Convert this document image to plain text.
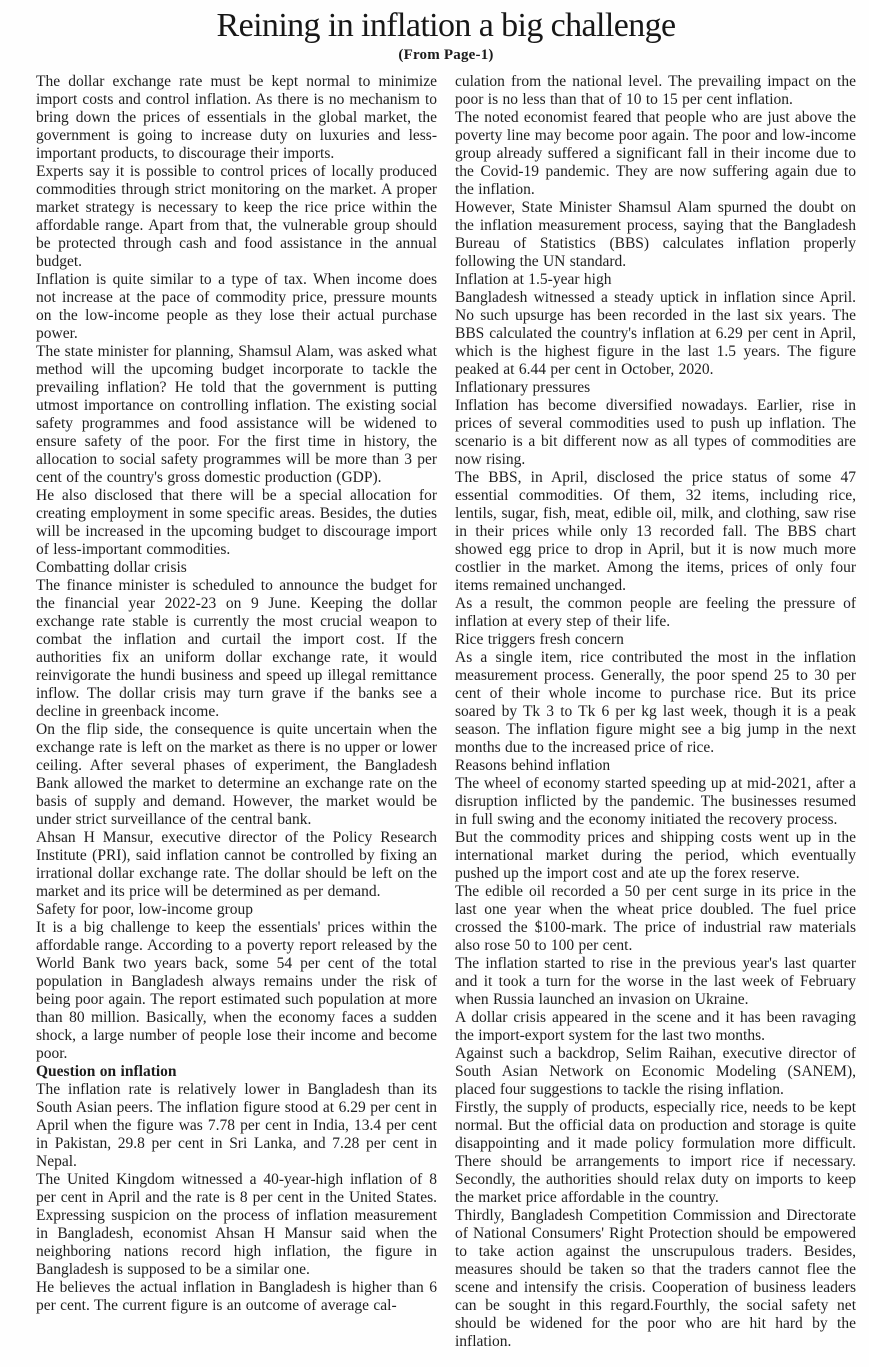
Reining in inflation a big challenge
(From Page-1)

The dollar exchange rate must be kept normal to minimize import costs and control inflation. As there is no mechanism to bring down the prices of essentials in the global market, the government is going to increase duty on luxuries and less-important products, to discourage their imports.

Experts say it is possible to control prices of locally produced commodities through strict monitoring on the market. A proper market strategy is necessary to keep the rice price within the affordable range. Apart from that, the vulnerable group should be protected through cash and food assistance in the annual budget.

Inflation is quite similar to a type of tax. When income does not increase at the pace of commodity price, pressure mounts on the low-income people as they lose their actual purchase power.

The state minister for planning, Shamsul Alam, was asked what method will the upcoming budget incorporate to tackle the prevailing inflation? He told that the government is putting utmost importance on controlling inflation. The existing social safety programmes and food assistance will be widened to ensure safety of the poor. For the first time in history, the allocation to social safety programmes will be more than 3 per cent of the country's gross domestic production (GDP).

He also disclosed that there will be a special allocation for creating employment in some specific areas. Besides, the duties will be increased in the upcoming budget to discourage import of less-important commodities.

Combatting dollar crisis

The finance minister is scheduled to announce the budget for the financial year 2022-23 on 9 June. Keeping the dollar exchange rate stable is currently the most crucial weapon to combat the inflation and curtail the import cost. If the authorities fix an uniform dollar exchange rate, it would reinvigorate the hundi business and speed up illegal remittance inflow. The dollar crisis may turn grave if the banks see a decline in greenback income.

On the flip side, the consequence is quite uncertain when the exchange rate is left on the market as there is no upper or lower ceiling. After several phases of experiment, the Bangladesh Bank allowed the market to determine an exchange rate on the basis of supply and demand. However, the market would be under strict surveillance of the central bank.

Ahsan H Mansur, executive director of the Policy Research Institute (PRI), said inflation cannot be controlled by fixing an irrational dollar exchange rate. The dollar should be left on the market and its price will be determined as per demand.

Safety for poor, low-income group

It is a big challenge to keep the essentials' prices within the affordable range. According to a poverty report released by the World Bank two years back, some 54 per cent of the total population in Bangladesh always remains under the risk of being poor again. The report estimated such population at more than 80 million. Basically, when the economy faces a sudden shock, a large number of people lose their income and become poor.

Question on inflation

The inflation rate is relatively lower in Bangladesh than its South Asian peers. The inflation figure stood at 6.29 per cent in April when the figure was 7.78 per cent in India, 13.4 per cent in Pakistan, 29.8 per cent in Sri Lanka, and 7.28 per cent in Nepal.

The United Kingdom witnessed a 40-year-high inflation of 8 per cent in April and the rate is 8 per cent in the United States. Expressing suspicion on the process of inflation measurement in Bangladesh, economist Ahsan H Mansur said when the neighboring nations record high inflation, the figure in Bangladesh is supposed to be a similar one.

He believes the actual inflation in Bangladesh is higher than 6 per cent. The current figure is an outcome of average cal-

culation from the national level. The prevailing impact on the poor is no less than that of 10 to 15 per cent inflation.

The noted economist feared that people who are just above the poverty line may become poor again. The poor and low-income group already suffered a significant fall in their income due to the Covid-19 pandemic. They are now suffering again due to the inflation.

However, State Minister Shamsul Alam spurned the doubt on the inflation measurement process, saying that the Bangladesh Bureau of Statistics (BBS) calculates inflation properly following the UN standard.

Inflation at 1.5-year high

Bangladesh witnessed a steady uptick in inflation since April. No such upsurge has been recorded in the last six years. The BBS calculated the country's inflation at 6.29 per cent in April, which is the highest figure in the last 1.5 years. The figure peaked at 6.44 per cent in October, 2020.

Inflationary pressures

Inflation has become diversified nowadays. Earlier, rise in prices of several commodities used to push up inflation. The scenario is a bit different now as all types of commodities are now rising.

The BBS, in April, disclosed the price status of some 47 essential commodities. Of them, 32 items, including rice, lentils, sugar, fish, meat, edible oil, milk, and clothing, saw rise in their prices while only 13 recorded fall. The BBS chart showed egg price to drop in April, but it is now much more costlier in the market. Among the items, prices of only four items remained unchanged.

As a result, the common people are feeling the pressure of inflation at every step of their life.

Rice triggers fresh concern

As a single item, rice contributed the most in the inflation measurement process. Generally, the poor spend 25 to 30 per cent of their whole income to purchase rice. But its price soared by Tk 3 to Tk 6 per kg last week, though it is a peak season. The inflation figure might see a big jump in the next months due to the increased price of rice.

Reasons behind inflation

The wheel of economy started speeding up at mid-2021, after a disruption inflicted by the pandemic. The businesses resumed in full swing and the economy initiated the recovery process.

But the commodity prices and shipping costs went up in the international market during the period, which eventually pushed up the import cost and ate up the forex reserve.

The edible oil recorded a 50 per cent surge in its price in the last one year when the wheat price doubled. The fuel price crossed the $100-mark. The price of industrial raw materials also rose 50 to 100 per cent.

The inflation started to rise in the previous year's last quarter and it took a turn for the worse in the last week of February when Russia launched an invasion on Ukraine.

A dollar crisis appeared in the scene and it has been ravaging the import-export system for the last two months.

Against such a backdrop, Selim Raihan, executive director of South Asian Network on Economic Modeling (SANEM), placed four suggestions to tackle the rising inflation.

Firstly, the supply of products, especially rice, needs to be kept normal. But the official data on production and storage is quite disappointing and it made policy formulation more difficult. There should be arrangements to import rice if necessary. Secondly, the authorities should relax duty on imports to keep the market price affordable in the country.

Thirdly, Bangladesh Competition Commission and Directorate of National Consumers' Right Protection should be empowered to take action against the unscrupulous traders. Besides, measures should be taken so that the traders cannot flee the scene and intensify the crisis. Cooperation of business leaders can be sought in this regard.Fourthly, the social safety net should be widened for the poor who are hit hard by the inflation.
